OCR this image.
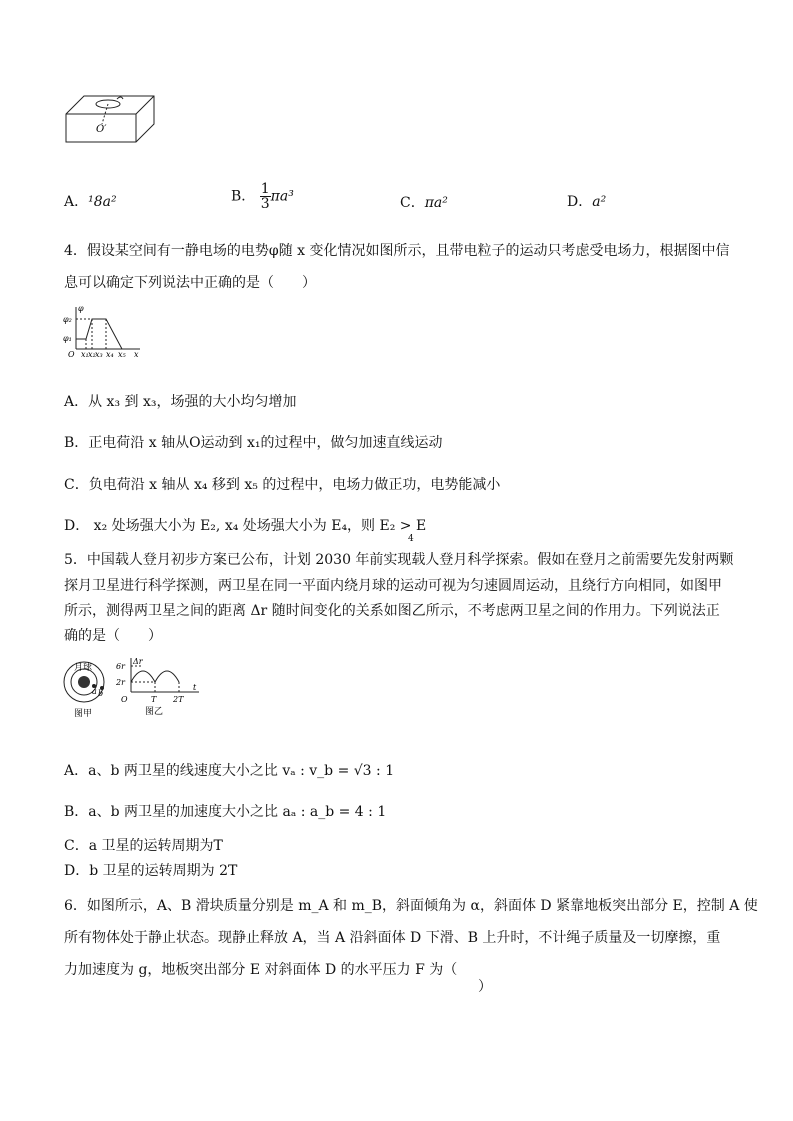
O′
A．¹8a²	B． $\frac{1}{3} \pi a^3$	C．πa²	D．a²
4．假设某空间有一静电场的电势φ随 x 变化情况如图所示，且带电粒子的运动只考虑受电场力，根据图中信
息可以确定下列说法中正确的是（　　）
φ
φ₂
φ₁
O x₁ x₂ x₃ x₄ x₅ x
A．从 x₃ 到 x₃，场强的大小均匀增加
B．正电荷沿 x 轴从O运动到 x₁的过程中，做匀加速直线运动
C．负电荷沿 x 轴从 x₄ 移到 x₅ 的过程中，电场力做正功，电势能减小
D． x₂ 处场强大小为 E₂, x₄ 处场强大小为 E₄，则 E₂ > E
4
5．中国载人登月初步方案已公布，计划 2030 年前实现载人登月科学探索。假如在登月之前需要先发射两颗
探月卫星进行科学探测，两卫星在同一平面内绕月球的运动可视为匀速圆周运动，且绕行方向相同，如图甲
所示，测得两卫星之间的距离 Δr 随时间变化的关系如图乙所示，不考虑两卫星之间的作用力。下列说法正
确的是（　　）
月球
a b
图甲
Δr
6r
2r
O	T 2T
t
图乙
A．a、b 两卫星的线速度大小之比 vₐ : v_b = √3 : 1
B．a、b 两卫星的加速度大小之比 aₐ : a_b = 4 : 1
C．a 卫星的运转周期为T
D．b 卫星的运转周期为 2T
6．如图所示，A、B 滑块质量分别是 m_A 和 m_B，斜面倾角为 α，斜面体 D 紧靠地板突出部分 E，控制 A 使
所有物体处于静止状态。现静止释放 A，当 A 沿斜面体 D 下滑、B 上升时，不计绳子质量及一切摩擦，重
力加速度为 g，地板突出部分 E 对斜面体 D 的水平压力 F 为（
）
